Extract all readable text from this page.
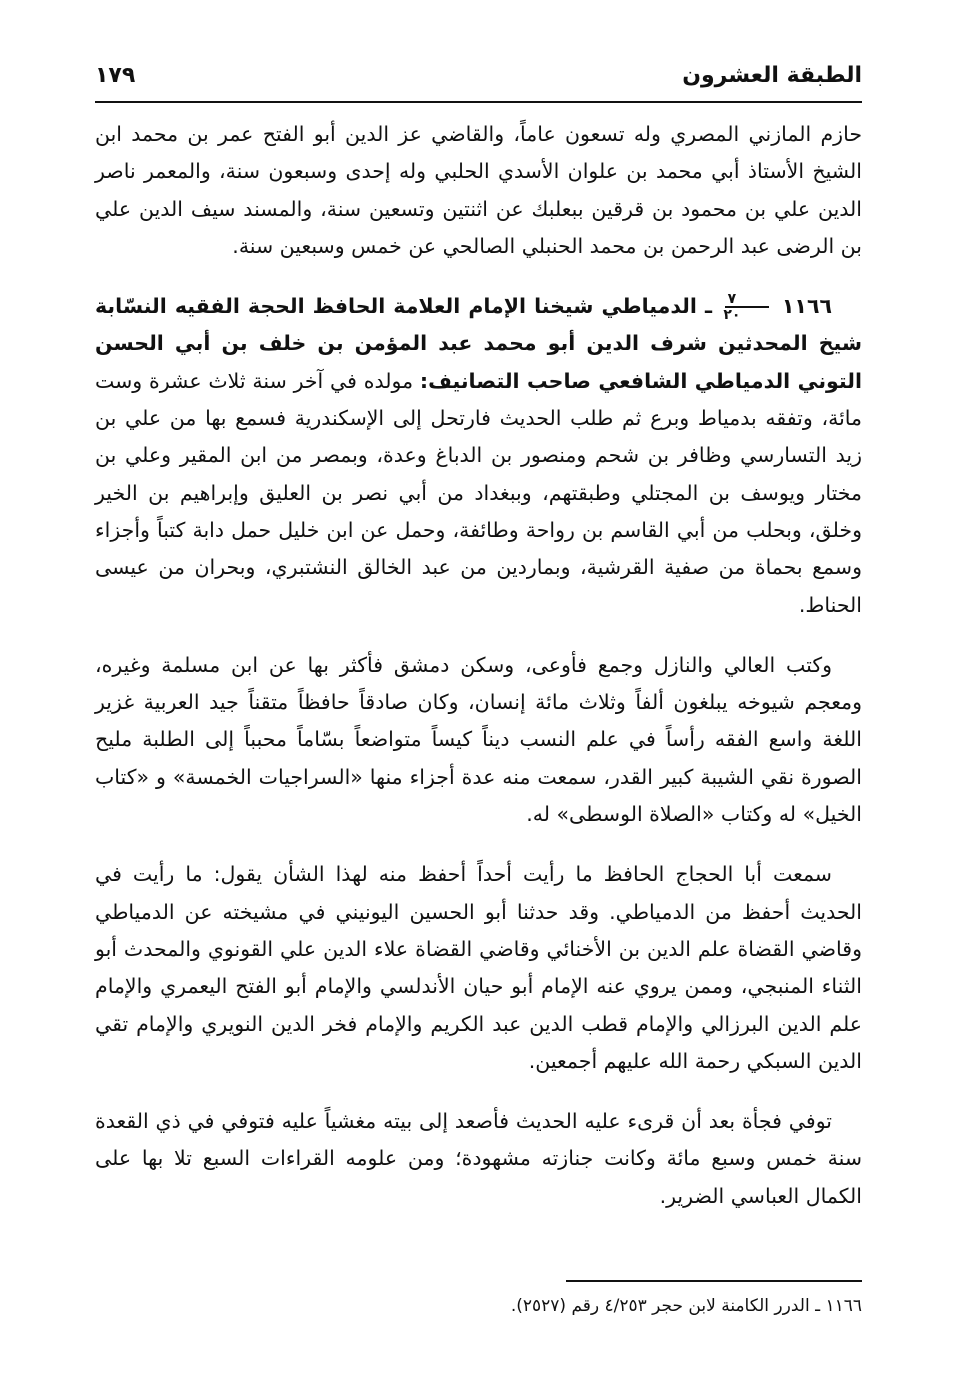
الطبقة العشرون
١٧٩

حازم المازني المصري وله تسعون عاماً، والقاضي عز الدين أبو الفتح عمر بن محمد ابن الشيخ الأستاذ أبي محمد بن علوان الأسدي الحلبي وله إحدى وسبعون سنة، والمعمر ناصر الدين علي بن محمود بن قرقين ببعلبك عن اثنتين وتسعين سنة، والمسند سيف الدين علي بن الرضى عبد الرحمن بن محمد الحنبلي الصالحي عن خمس وسبعين سنة.

١١٦٦
$\frac{٧}{٢٠}$
ـ الدمياطي شيخنا الإمام العلامة الحافظ الحجة الفقيه النسّابة شيخ المحدثين شرف الدين أبو محمد عبد المؤمن بن خلف بن أبي الحسن التوني الدمياطي الشافعي صاحب التصانيف: مولده في آخر سنة ثلاث عشرة وست مائة، وتفقه بدمياط وبرع ثم طلب الحديث فارتحل إلى الإسكندرية فسمع بها من علي بن زيد التسارسي وظافر بن شحم ومنصور بن الدباغ وعدة، وبمصر من ابن المقير وعلي بن مختار ويوسف بن المجتلي وطبقتهم، وببغداد من أبي نصر بن العليق وإبراهيم بن الخير وخلق، وبحلب من أبي القاسم بن رواحة وطائفة، وحمل عن ابن خليل حمل دابة كتباً وأجزاء وسمع بحماة من صفية القرشية، وبماردين من عبد الخالق النشتبري، وبحران من عيسى الحناط.

وكتب العالي والنازل وجمع فأوعى، وسكن دمشق فأكثر بها عن ابن مسلمة وغيره، ومعجم شيوخه يبلغون ألفاً وثلاث مائة إنسان، وكان صادقاً حافظاً متقناً جيد العربية غزير اللغة واسع الفقه رأساً في علم النسب ديناً كيساً متواضعاً بسّاماً محبباً إلى الطلبة مليح الصورة نقي الشيبة كبير القدر، سمعت منه عدة أجزاء منها «السراجيات الخمسة» و «كتاب الخيل» له وكتاب «الصلاة الوسطى» له.

سمعت أبا الحجاج الحافظ ما رأيت أحداً أحفظ منه لهذا الشأن يقول: ما رأيت في الحديث أحفظ من الدمياطي. وقد حدثنا أبو الحسين اليونيني في مشيخته عن الدمياطي وقاضي القضاة علم الدين بن الأخنائي وقاضي القضاة علاء الدين علي القونوي والمحدث أبو الثناء المنبجي، وممن يروي عنه الإمام أبو حيان الأندلسي والإمام أبو الفتح اليعمري والإمام علم الدين البرزالي والإمام قطب الدين عبد الكريم والإمام فخر الدين النويري والإمام تقي الدين السبكي رحمة الله عليهم أجمعين.

توفي فجأة بعد أن قرىء عليه الحديث فأصعد إلى بيته مغشياً عليه فتوفي في ذي القعدة سنة خمس وسبع مائة وكانت جنازته مشهودة؛ ومن علومه القراءات السبع تلا بها على الكمال العباسي الضرير.

١١٦٦ ـ الدرر الكامنة لابن حجر ٤/٢٥٣ رقم (٢٥٢٧).
